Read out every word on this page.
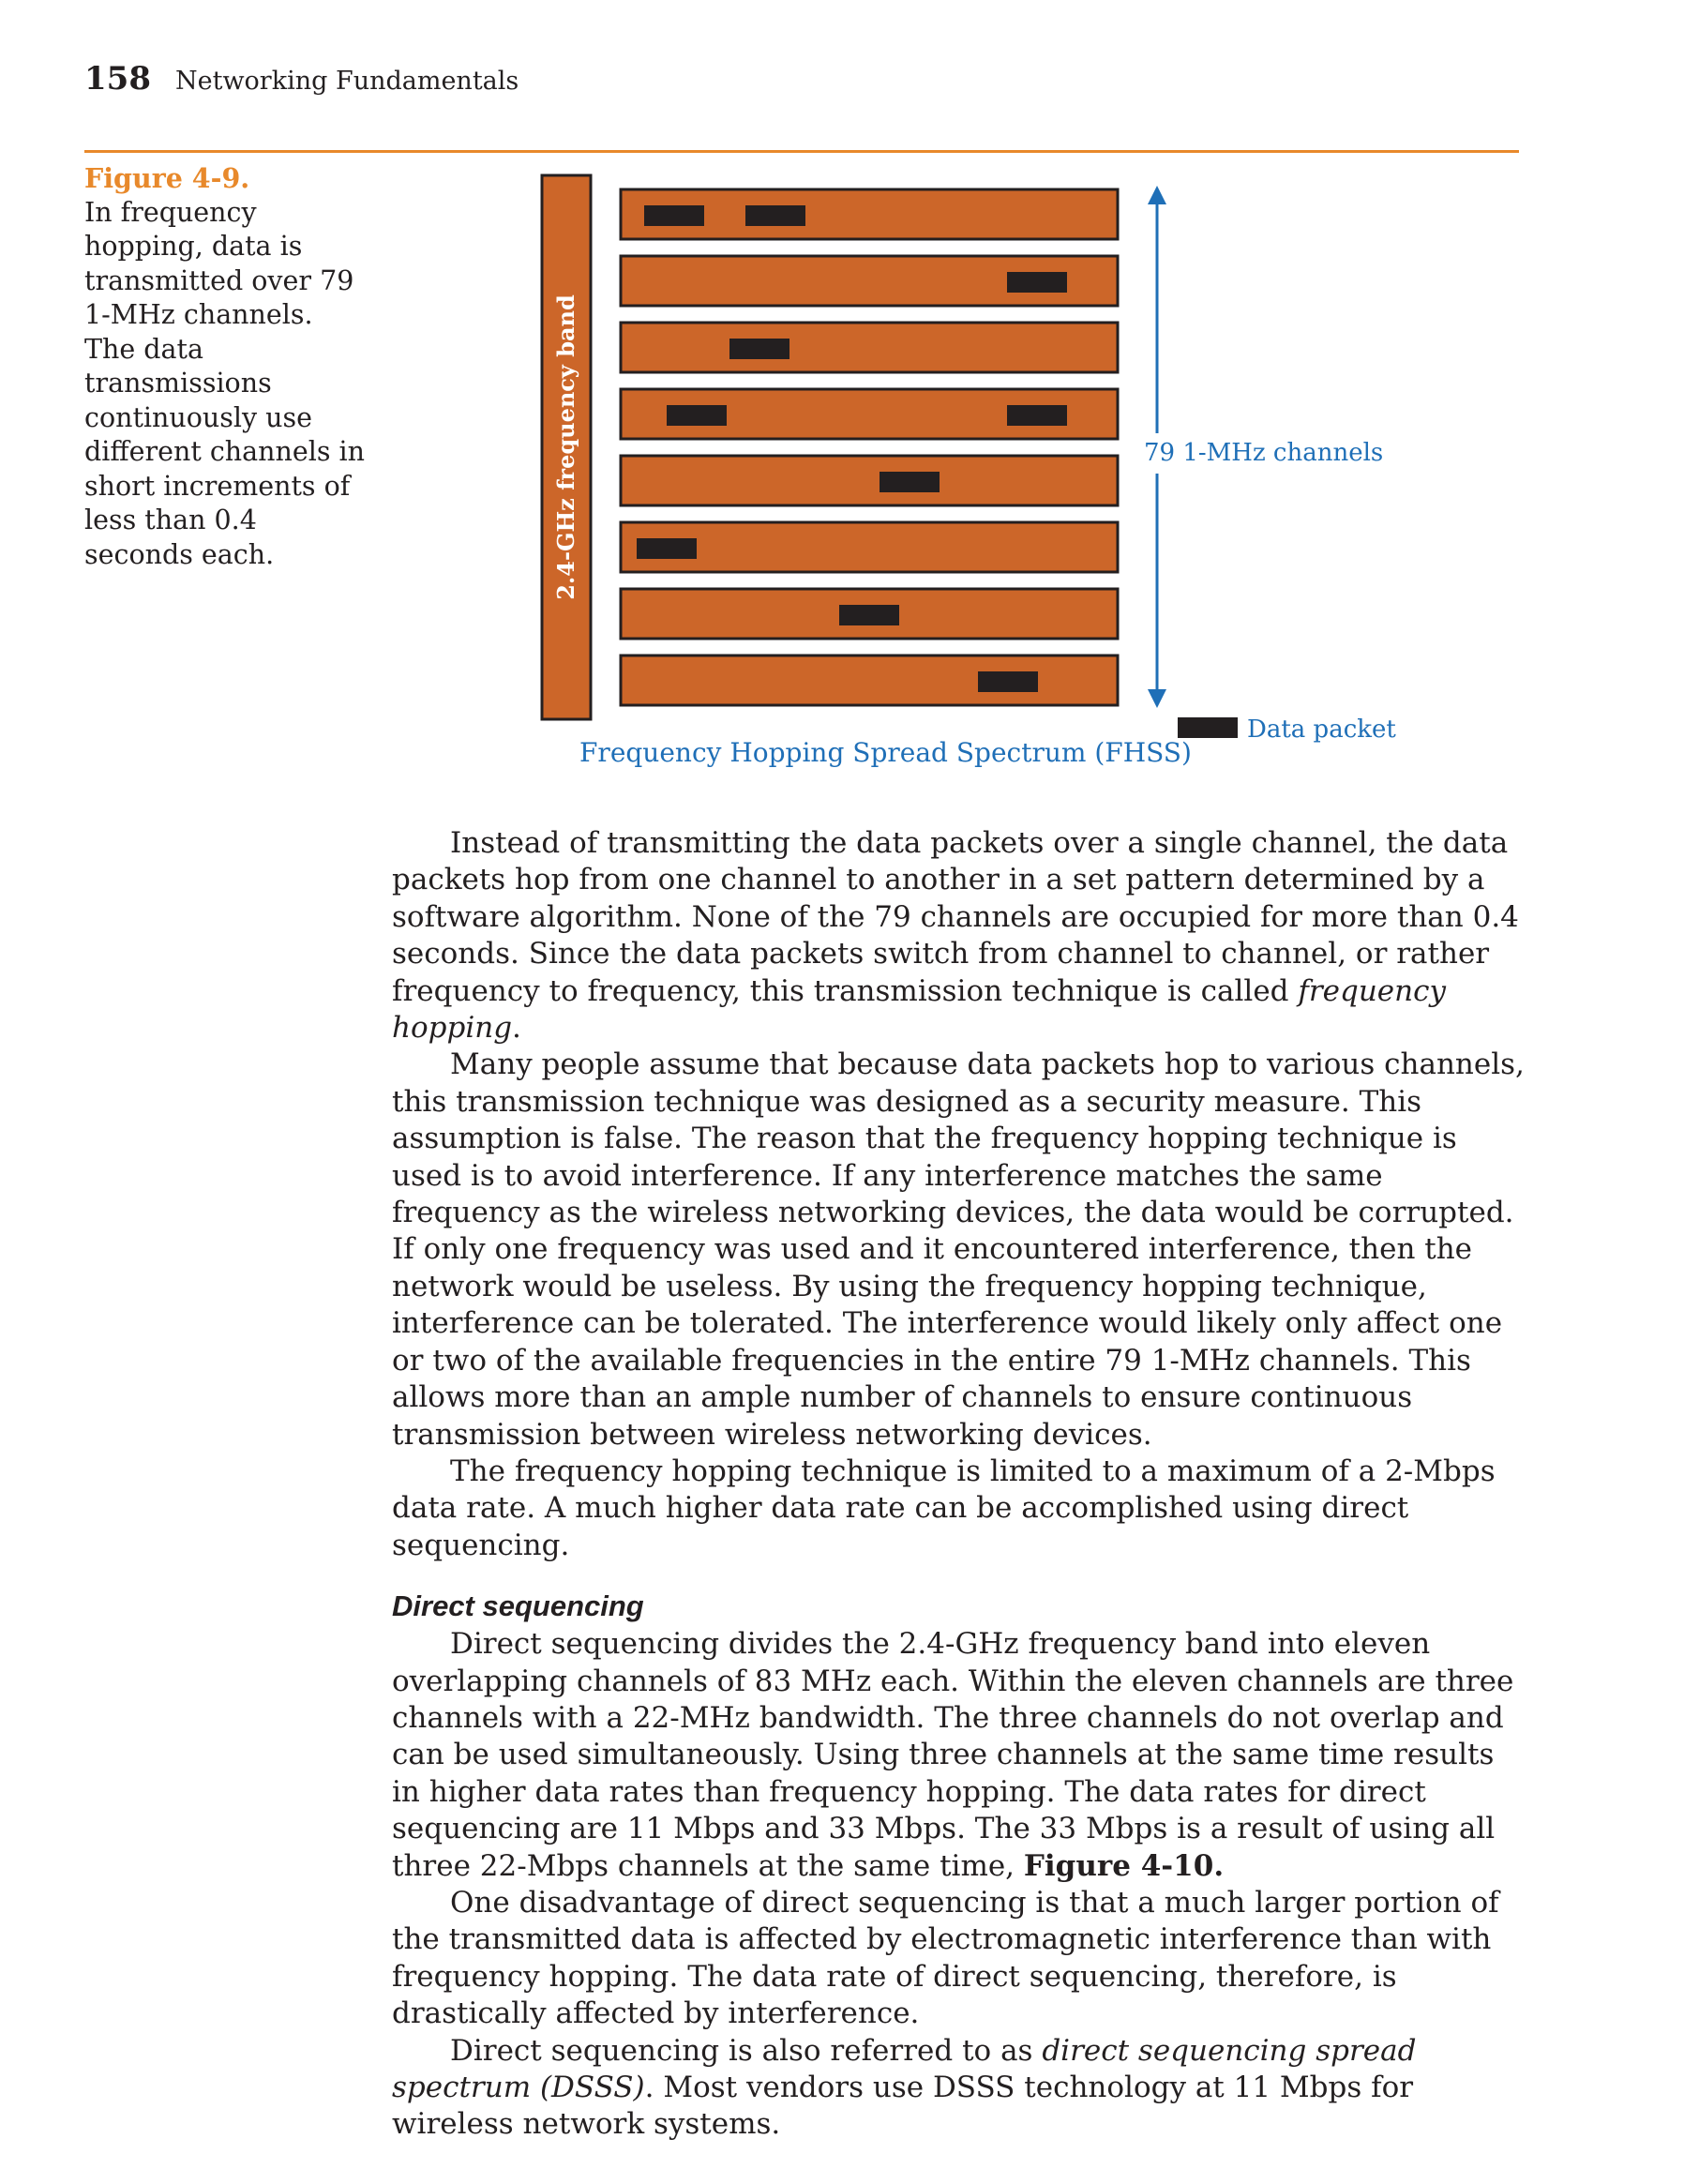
158 Networking Fundamentals
Figure 4-9.
In frequency hopping, data is transmitted over 79 1-MHz channels. The data transmissions continuously use different channels in short increments of less than 0.4 seconds each.	2.4-GHz frequency band	79 1-MHz channels
Data packet
Frequency Hopping Spread Spectrum (FHSS)

Instead of transmitting the data packets over a single channel, the data packets hop from one channel to another in a set pattern determined by a software algorithm. None of the 79 channels are occupied for more than 0.4 seconds. Since the data packets switch from channel to channel, or rather frequency to frequency, this transmission technique is called frequency hopping.

Many people assume that because data packets hop to various channels, this transmission technique was designed as a security measure. This assumption is false. The reason that the frequency hopping technique is used is to avoid interference. If any interference matches the same frequency as the wireless networking devices, the data would be corrupted. If only one frequency was used and it encountered interference, then the network would be useless. By using the frequency hopping technique, interference can be tolerated. The interference would likely only affect one or two of the available frequencies in the entire 79 1-MHz channels. This allows more than an ample number of channels to ensure continuous transmission between wireless networking devices.

The frequency hopping technique is limited to a maximum of a 2-Mbps data rate. A much higher data rate can be accomplished using direct sequencing.

Direct sequencing

Direct sequencing divides the 2.4-GHz frequency band into eleven overlapping channels of 83 MHz each. Within the eleven channels are three channels with a 22-MHz bandwidth. The three channels do not overlap and can be used simultaneously. Using three channels at the same time results in higher data rates than frequency hopping. The data rates for direct sequencing are 11 Mbps and 33 Mbps. The 33 Mbps is a result of using all three 22-Mbps channels at the same time, Figure 4-10.

One disadvantage of direct sequencing is that a much larger portion of the transmitted data is affected by electromagnetic interference than with frequency hopping. The data rate of direct sequencing, therefore, is drastically affected by interference.

Direct sequencing is also referred to as direct sequencing spread spectrum (DSSS). Most vendors use DSSS technology at 11 Mbps for wireless network systems.
